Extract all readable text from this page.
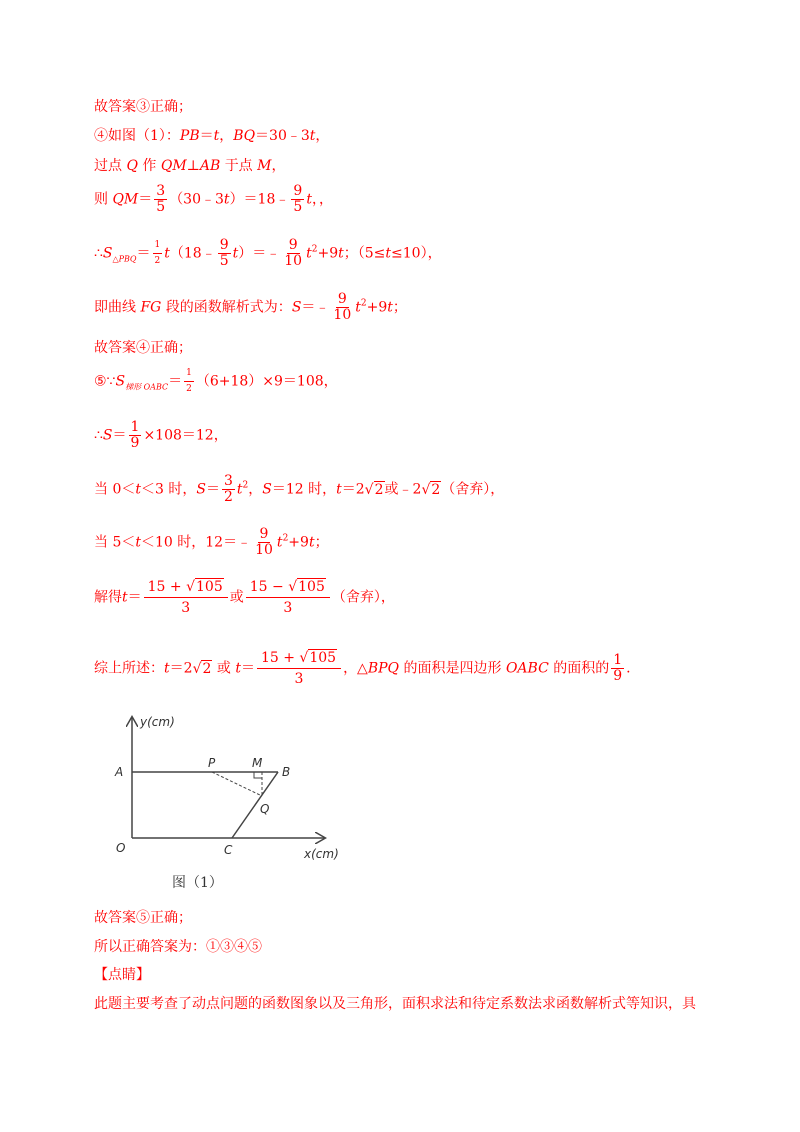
故答案③正确；
④如图（1）：PB＝t，BQ＝30﹣3t，
过点 Q 作 QM⊥AB 于点 M，
则 $QM= \frac{3}{5}$ （30﹣3t）＝18﹣ $\frac{9}{5}$ t，，
$\therefore S_{\triangle PBQ}= \frac{1}{2}$ t（18﹣ $\frac{9}{5}$ t）＝﹣ $\frac{9}{10} t^2+9t$；（5≤t≤10），
即曲线 FG 段的函数解析式为：S＝﹣ $\frac{9}{10} t^2+9t$；
故答案④正确；
$⑤\because S_{梯形 OABC}= \frac{1}{2} (6+18)\times 9=108$，
∴S＝ $\frac{1}{9} \times 108=12$，
当 0＜t＜3 时，$S= \frac{3}{2} t^2$，S＝12 时，t＝2√2或﹣2√2（舍弃），
当 5＜t＜10 时，12＝﹣ $\frac{9}{10} t^2+9t$；
解得$t= \frac{15 + √105}{3}$ 或 $\frac{15 - √105}{3}$ （舍弃），
综上所述：t＝2√2 或 $t= \frac{15 + √105}{3}$ ，△BPQ 的面积是四边形 OABC 的面积的 $\frac{1}{9}$ .
y(cm)
x(cm)
A
P	M
B
Q
O	C
图（1）
故答案⑤正确；
所以正确答案为：①③④⑤
【点睛】
此题主要考查了动点问题的函数图象以及三角形，面积求法和待定系数法求函数解析式等知识，具
